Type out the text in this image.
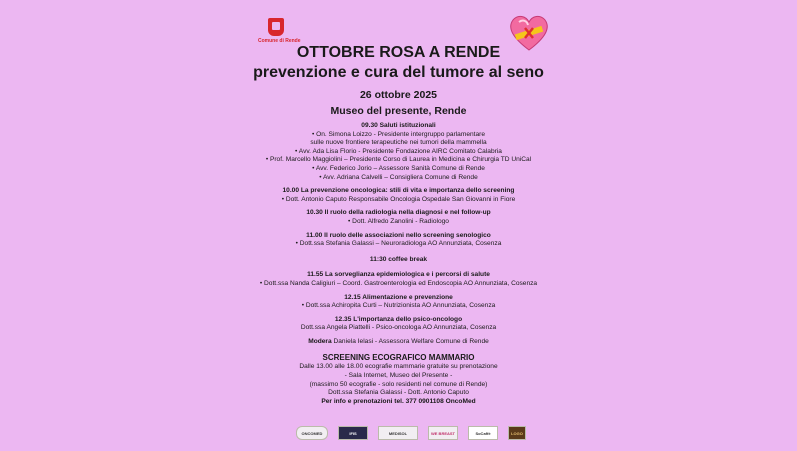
Comune di Rende
OTTOBRE ROSA A RENDE
prevenzione e cura del tumore al seno
26 ottobre 2025
Museo del presente, Rende
09.30 Saluti istituzionali
• On. Simona Loizzo - Presidente intergruppo parlamentare
sulle nuove frontiere terapeutiche nei tumori della mammella
• Avv. Ada Lisa Florio - Presidente Fondazione AIRC Comitato Calabria
• Prof. Marcello Maggiolini – Presidente Corso di Laurea in Medicina e Chirurgia TD UniCal
• Avv. Federico Jorio – Assessore Sanità Comune di Rende
• Avv. Adriana Calvelli – Consigliera Comune di Rende
10.00 La prevenzione oncologica: stili di vita e importanza dello screening
• Dott. Antonio Caputo Responsabile Oncologia Ospedale San Giovanni in Fiore
10.30 Il ruolo della radiologia nella diagnosi e nel follow-up
• Dott. Alfredo Zanolini - Radiologo
11.00 Il ruolo delle associazioni nello screening senologico
• Dott.ssa Stefania Galassi – Neuroradiologa AO Annunziata, Cosenza
11:30 coffee break
11.55 La sorveglianza epidemiologica e i percorsi di salute
• Dott.ssa Nanda Caligiuri – Coord. Gastroenterologia ed Endoscopia AO Annunziata, Cosenza
12.15 Alimentazione e prevenzione
• Dott.ssa Achiropita Curti – Nutrizionista AO Annunziata, Cosenza
12.35 L'importanza dello psico-oncologo
Dott.ssa Angela Piattelli - Psico-oncologa AO Annunziata, Cosenza
Modera Daniela Ielasi - Assessora Welfare Comune di Rende
SCREENING ECOGRAFICO MAMMARIO
Dalle 13.00 alle 18.00 ecografie mammarie gratuite su prenotazione
- Sala Internet, Museo del Presente -
(massimo 50 ecografie - solo residenti nel comune di Rende)
Dott.ssa Stefania Galassi - Dott. Antonio Caputo
Per info e prenotazioni tel. 377 0901108 OncoMed
ONCOMED	IFIS	MEDISOL	WE BREAST	SoCaffè	LOGO
